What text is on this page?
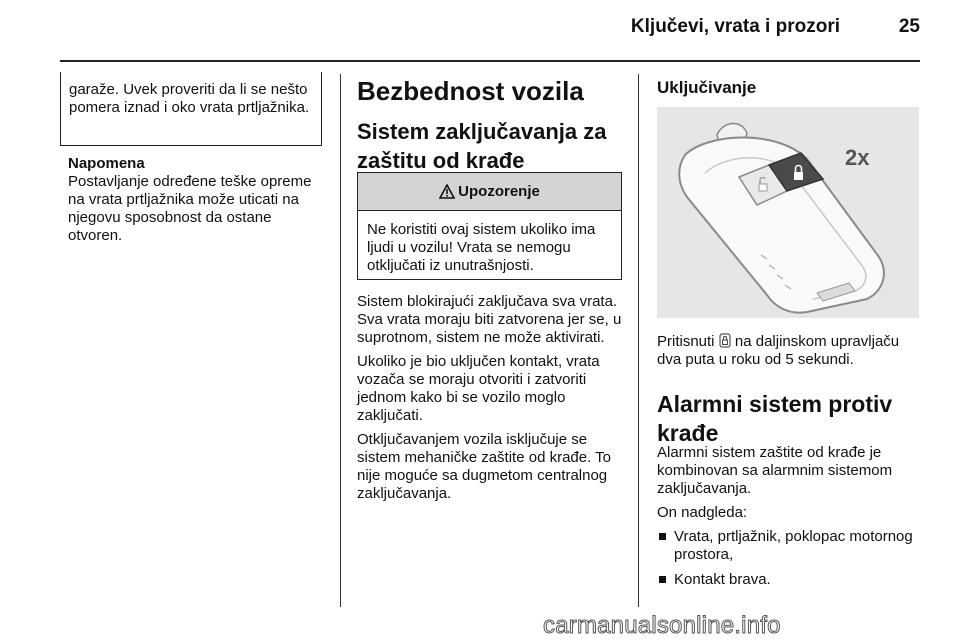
Ključevi, vrata i prozori	25

garaže. Uvek proveriti da li se nešto pomera iznad i oko vrata prtljažnika.

Napomena

Postavljanje određene teške opreme na vrata prtljažnika može uticati na njegovu sposobnost da ostane otvoren.

Bezbednost vozila
Sistem zaključavanja za zaštitu od krađe
Upozorenje

Ne koristiti ovaj sistem ukoliko ima ljudi u vozilu! Vrata se nemogu otključati iz unutrašnjosti.

Sistem blokirajući zaključava sva vrata. Sva vrata moraju biti zatvorena jer se, u suprotnom, sistem ne može aktivirati.

Ukoliko je bio uključen kontakt, vrata vozača se moraju otvoriti i zatvoriti jednom kako bi se vozilo moglo zaključati.

Otključavanjem vozila isključuje se sistem mehaničke zaštite od krađe. To nije moguće sa dugmetom centralnog zaključavanja.

Uključivanje
2x

Pritisnuti na daljinskom upravljaču dva puta u roku od 5 sekundi.

Alarmni sistem protiv krađe

Alarmni sistem zaštite od krađe je kombinovan sa alarmnim sistemom zaključavanja.

On nadgleda:

Vrata, prtljažnik, poklopac motornog prostora,
Kontakt brava.
carmanualsonline.info
